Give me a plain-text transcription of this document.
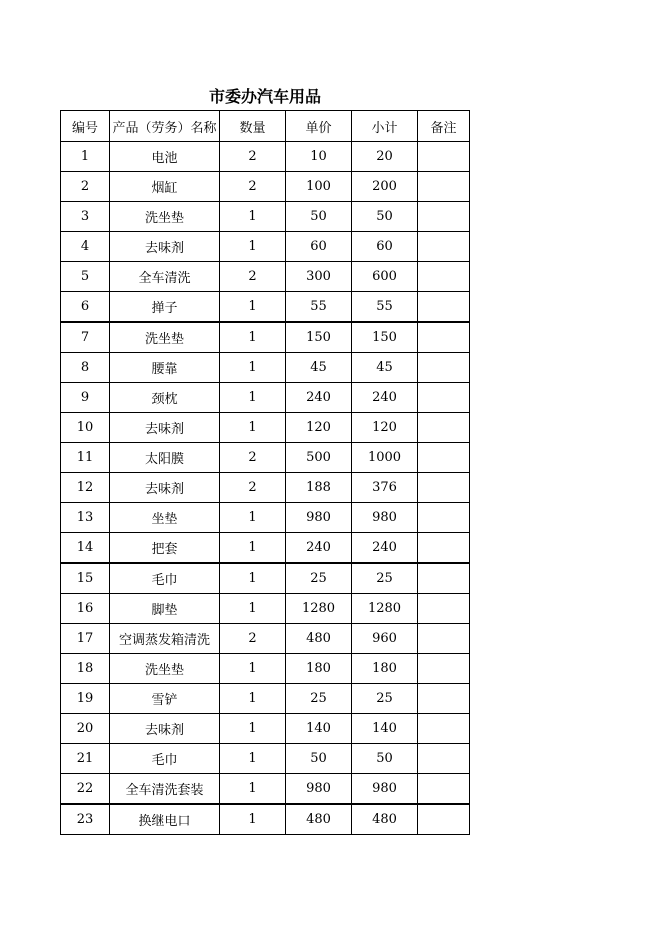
市委办汽车用品
编号	产品（劳务）名称	数量	单价	小计	备注
1	电池	2	10	20	
2	烟缸	2	100	200	
3	洗坐垫	1	50	50	
4	去味剂	1	60	60	
5	全车清洗	2	300	600	
6	掸子	1	55	55	
7	洗坐垫	1	150	150	
8	腰靠	1	45	45	
9	颈枕	1	240	240	
10	去味剂	1	120	120	
11	太阳膜	2	500	1000	
12	去味剂	2	188	376	
13	坐垫	1	980	980	
14	把套	1	240	240	
15	毛巾	1	25	25	
16	脚垫	1	1280	1280	
17	空调蒸发箱清洗	2	480	960	
18	洗坐垫	1	180	180	
19	雪铲	1	25	25	
20	去味剂	1	140	140	
21	毛巾	1	50	50	
22	全车清洗套装	1	980	980	
23	换继电口	1	480	480	
